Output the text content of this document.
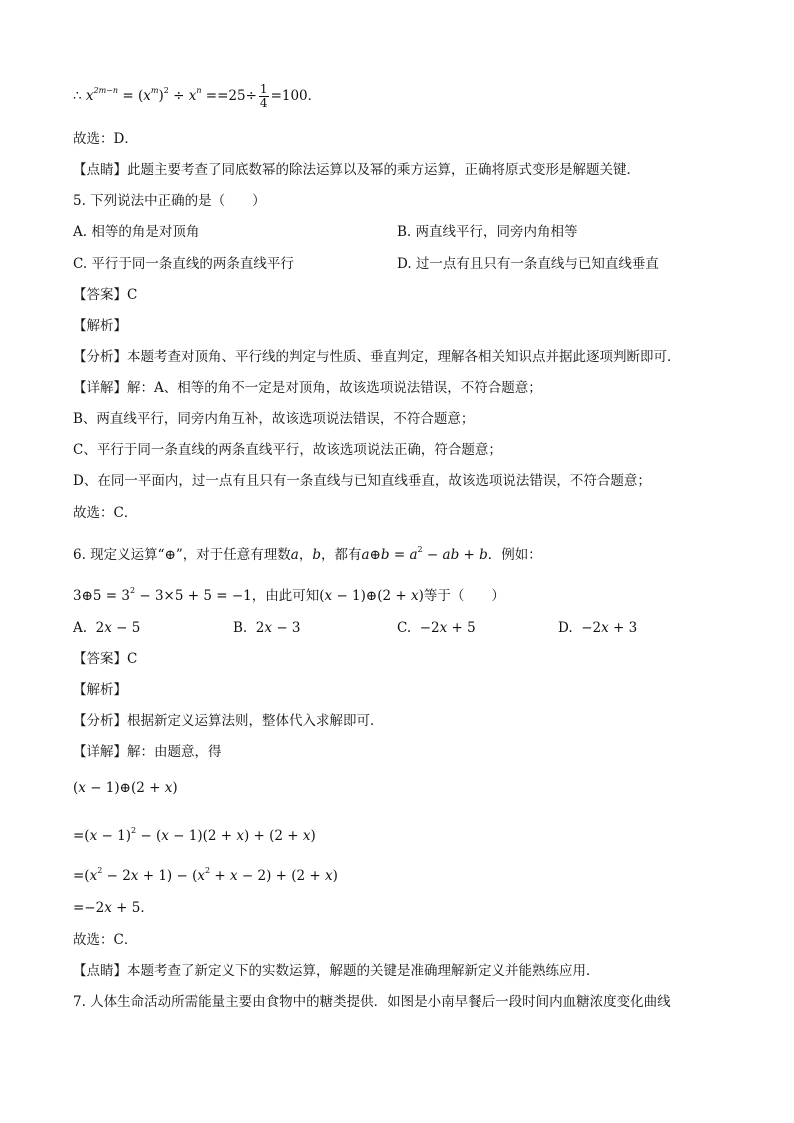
∴ $x^{2m-n} = (x^m)^2 \div x^n ==25\div \frac{1}{4} =100$．
故选：D．
【点睛】此题主要考查了同底数幂的除法运算以及幂的乘方运算，正确将原式变形是解题关键．
5. 下列说法中正确的是（　　）
A. 相等的角是对顶角	B. 两直线平行，同旁内角相等
C. 平行于同一条直线的两条直线平行	D. 过一点有且只有一条直线与已知直线垂直
【答案】C
【解析】
【分析】本题考查对顶角、平行线的判定与性质、垂直判定，理解各相关知识点并据此逐项判断即可．
【详解】解：A、相等的角不一定是对顶角，故该选项说法错误，不符合题意；
B、两直线平行，同旁内角互补，故该选项说法错误，不符合题意；
C、平行于同一条直线的两条直线平行，故该选项说法正确，符合题意；
D、在同一平面内，过一点有且只有一条直线与已知直线垂直，故该选项说法错误，不符合题意；
故选：C．
6. 现定义运算“⊕”，对于任意有理数a，b，都有a⊕b = $a^2$ − ab + b．例如：
3⊕5 = $3^2 - 3\times 5 + 5 = -1$，由此可知(x − 1)⊕(2 + x)等于（　　）
A.  2x − 5	B.  2x − 3	C.  −2x + 5	D.  −2x + 3
【答案】C
【解析】
【分析】根据新定义运算法则，整体代入求解即可．
【详解】解：由题意，得
(x − 1)⊕(2 + x)
$=(x - 1)^2 - (x - 1)(2 + x) + (2 + x)$
$=(x^2 - 2x + 1) - (x^2 + x - 2) + (2 + x)$
=−2x + 5．
故选：C．
【点睛】本题考查了新定义下的实数运算，解题的关键是准确理解新定义并能熟练应用．
7. 人体生命活动所需能量主要由食物中的糖类提供．如图是小南早餐后一段时间内血糖浓度变化曲线
